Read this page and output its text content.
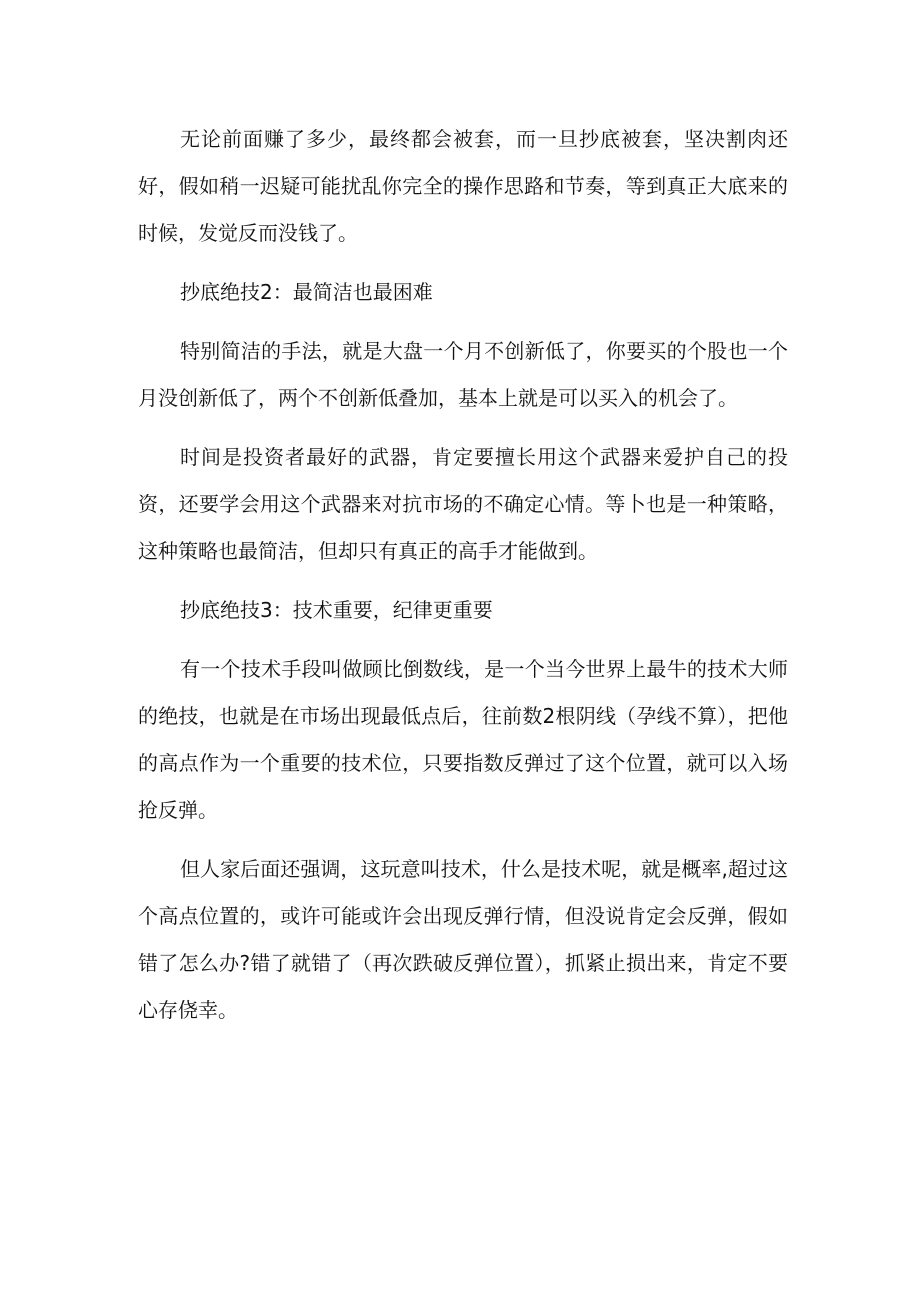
无论前面赚了多少，最终都会被套，而一旦抄底被套，坚决割肉还好，假如稍一迟疑可能扰乱你完全的操作思路和节奏，等到真正大底来的时候，发觉反而没钱了。

抄底绝技2：最简洁也最困难

特别简洁的手法，就是大盘一个月不创新低了，你要买的个股也一个月没创新低了，两个不创新低叠加，基本上就是可以买入的机会了。

时间是投资者最好的武器，肯定要擅长用这个武器来爱护自己的投资，还要学会用这个武器来对抗市场的不确定心情。等卜也是一种策略，这种策略也最简洁，但却只有真正的高手才能做到。

抄底绝技3：技术重要，纪律更重要

有一个技术手段叫做顾比倒数线，是一个当今世界上最牛的技术大师的绝技，也就是在市场出现最低点后，往前数2根阴线（孕线不算），把他的高点作为一个重要的技术位，只要指数反弹过了这个位置，就可以入场抢反弹。

但人家后面还强调，这玩意叫技术，什么是技术呢，就是概率,超过这个高点位置的，或许可能或许会出现反弹行情，但没说肯定会反弹，假如错了怎么办?错了就错了（再次跌破反弹位置），抓紧止损出来，肯定不要心存侥幸。
